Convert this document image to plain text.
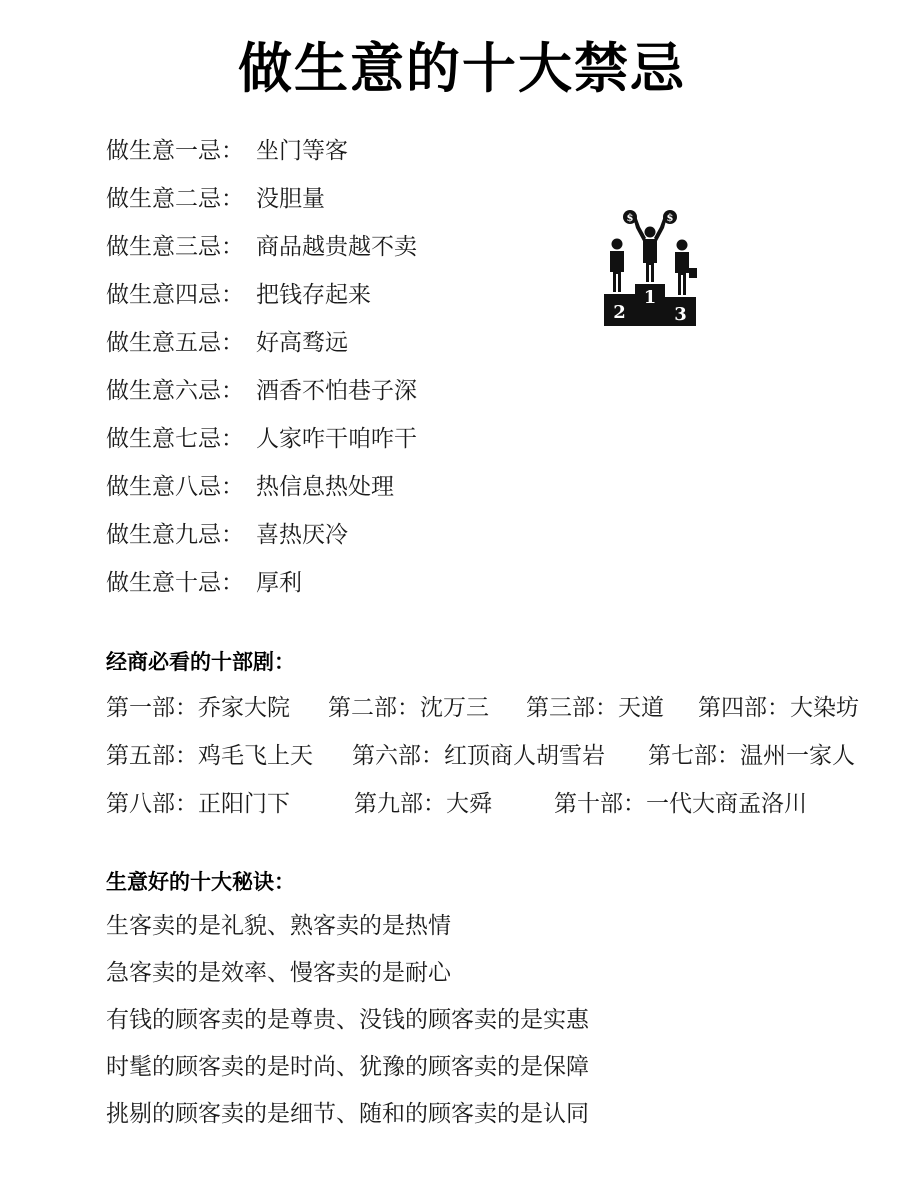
做生意的十大禁忌
做生意一忌： 坐门等客
做生意二忌： 没胆量
做生意三忌： 商品越贵越不卖
做生意四忌： 把钱存起来
做生意五忌： 好高骛远
做生意六忌： 酒香不怕巷子深
做生意七忌： 人家咋干咱咋干
做生意八忌： 热信息热处理
做生意九忌： 喜热厌冷
做生意十忌： 厚利
$	$
2
1
3
经商必看的十部剧：
第一部：乔家大院 第二部：沈万三 第三部：天道 第四部：大染坊
第五部：鸡毛飞上天 第六部：红顶商人胡雪岩 第七部：温州一家人
第八部：正阳门下	第九部：大舜	第十部：一代大商孟洛川
生意好的十大秘诀：
生客卖的是礼貌、熟客卖的是热情
急客卖的是效率、慢客卖的是耐心
有钱的顾客卖的是尊贵、没钱的顾客卖的是实惠
时髦的顾客卖的是时尚、犹豫的顾客卖的是保障
挑剔的顾客卖的是细节、随和的顾客卖的是认同
